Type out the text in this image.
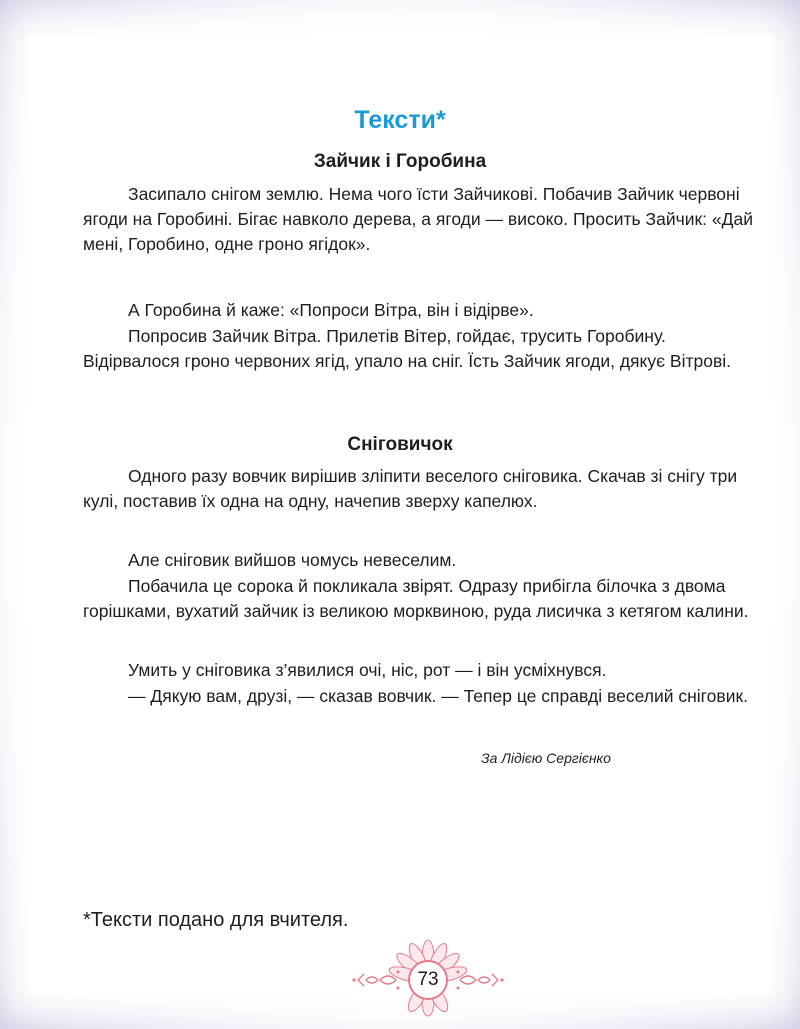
Тексти*
Зайчик і Горобина

Засипало снігом землю. Нема чого їсти Зайчикові. Побачив Зайчик червоні ягоди на Горобині. Бігає навколо дерева, а ягоди — високо. Просить Зайчик: «Дай мені, Горобино, одне гроно ягідок».

А Горобина й каже: «Попроси Вітра, він і відірве».

Попросив Зайчик Вітра. Прилетів Вітер, гойдає, трусить Горобину. Відірвалося гроно червоних ягід, упало на сніг. Їсть Зайчик ягоди, дякує Вітрові.

Сніговичок

Одного разу вовчик вирішив зліпити веселого сніговика. Скачав зі снігу три кулі, поставив їх одна на одну, начепив зверху капелюх.

Але сніговик вийшов чомусь невеселим.

Побачила це сорока й покликала звірят. Одразу прибігла білочка з двома горішками, вухатий зайчик із великою морквиною, руда лисичка з кетягом калини.

Умить у сніговика з’явилися очі, ніс, рот — і він усміхнувся.

— Дякую вам, друзі, — сказав вовчик. — Тепер це справді веселий сніговик.

За Лідією Сергієнко
*Тексти подано для вчителя.
73
